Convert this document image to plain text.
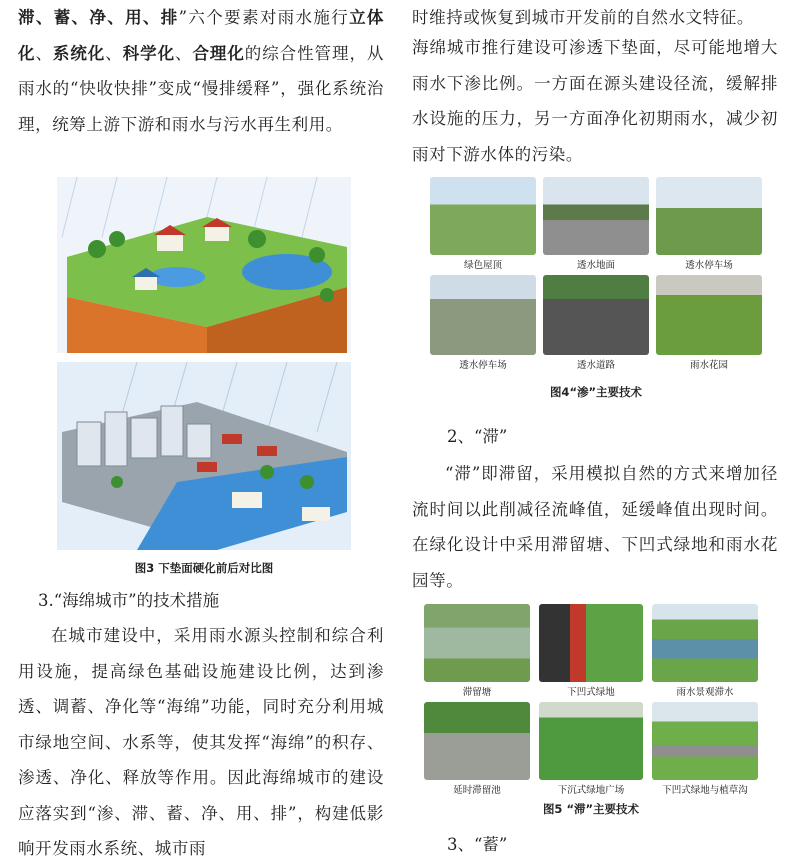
滞、蓄、净、用、排”六个要素对雨水施行立体化、系统化、科学化、合理化的综合性管理，从雨水的“快收快排”变成“慢排缓释”，强化系统治理，统筹上游下游和雨水与污水再生利用。

图3 下垫面硬化前后对比图

3.“海绵城市”的技术措施

在城市建设中，采用雨水源头控制和综合利用设施，提高绿色基础设施建设比例，达到渗透、调蓄、净化等“海绵”功能，同时充分利用城市绿地空间、水系等，使其发挥“海绵”的积存、渗透、净化、释放等作用。因此海绵城市的建设应落实到“渗、滞、蓄、净、用、排”，构建低影响开发雨水系统、城市雨

时维持或恢复到城市开发前的自然水文特征。

海绵城市推行建设可渗透下垫面，尽可能地增大雨水下渗比例。一方面在源头建设径流，缓解排水设施的压力，另一方面净化初期雨水，减少初雨对下游水体的污染。

绿色屋顶	透水地面	透水停车场
透水停车场	透水道路	雨水花园

图4“渗”主要技术

2、“滞”

“滞”即滞留，采用模拟自然的方式来增加径流时间以此削减径流峰值，延缓峰值出现时间。在绿化设计中采用滞留塘、下凹式绿地和雨水花园等。

滞留塘	下凹式绿地	雨水景观滞水
延时滞留池	下沉式绿地广场	下凹式绿地与植草沟

图5 “滞”主要技术

3、“蓄”
